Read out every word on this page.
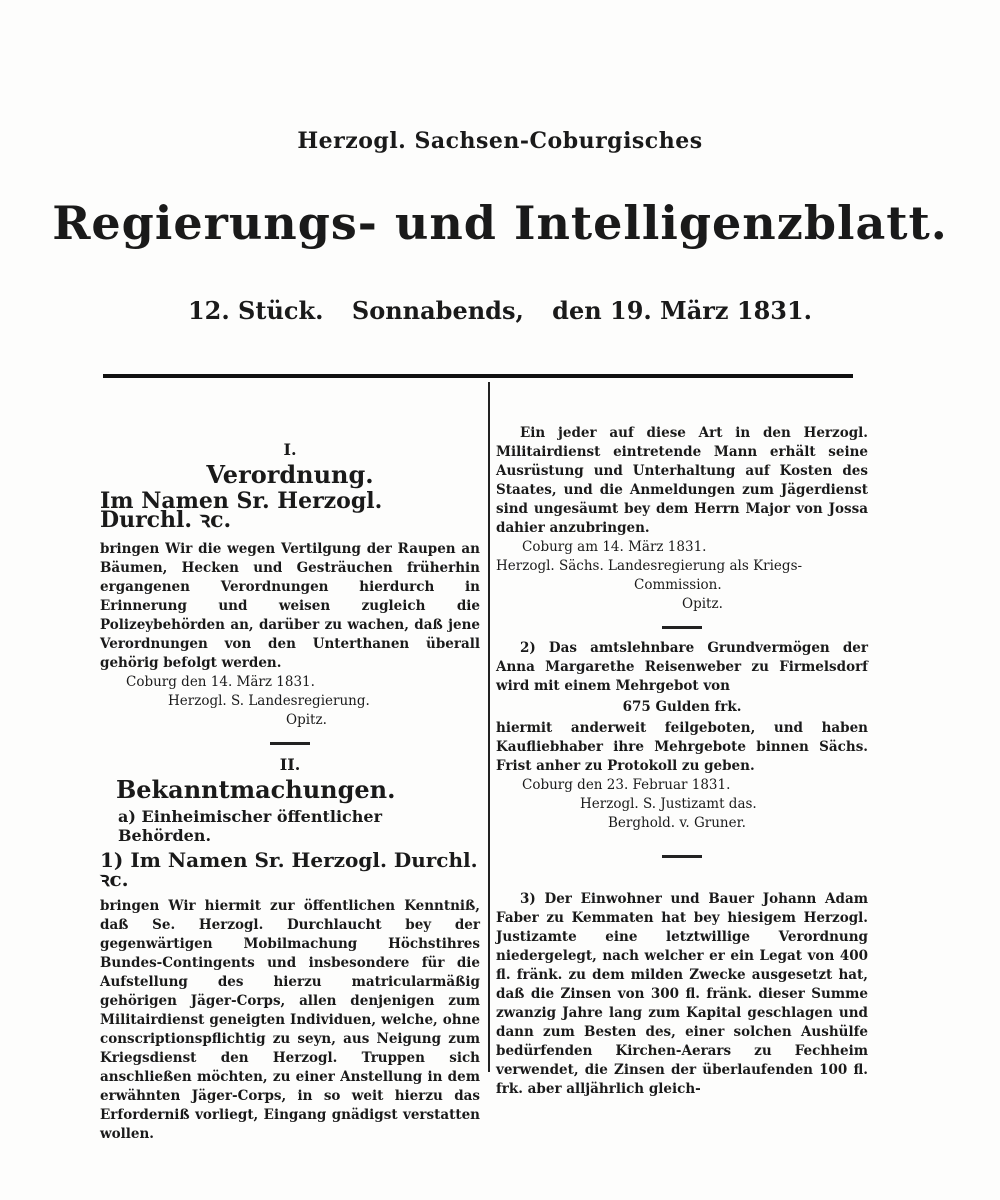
Herzogl. Sachsen-Coburgisches
Regierungs- und Intelligenzblatt.
12. Stück. Sonnabends, den 19. März 1831.
I.
Verordnung.
Im Namen Sr. Herzogl. Durchl. ꝛc.
bringen Wir die wegen Vertilgung der Raupen an Bäumen, Hecken und Gesträuchen früherhin ergangenen Verordnungen hierdurch in Erinnerung und weisen zugleich die Polizeybehörden an, darüber zu wachen, daß jene Verordnungen von den Unterthanen überall gehörig befolgt werden.
Coburg den 14. März 1831.
Herzogl. S. Landesregierung.
Opitz.
II.
Bekanntmachungen.
a) Einheimischer öffentlicher Behörden.
1) Im Namen Sr. Herzogl. Durchl. ꝛc.
bringen Wir hiermit zur öffentlichen Kenntniß, daß Se. Herzogl. Durchlaucht bey der gegenwärtigen Mobilmachung Höchstihres Bundes-Contingents und insbesondere für die Aufstellung des hierzu matricularmäßig gehörigen Jäger-Corps, allen denjenigen zum Militairdienst geneigten Individuen, welche, ohne conscriptionspflichtig zu seyn, aus Neigung zum Kriegsdienst den Herzogl. Truppen sich anschließen möchten, zu einer Anstellung in dem erwähnten Jäger-Corps, in so weit hierzu das Erforderniß vorliegt, Eingang gnädigst verstatten wollen.
Ein jeder auf diese Art in den Herzogl. Militairdienst eintretende Mann erhält seine Ausrüstung und Unterhaltung auf Kosten des Staates, und die Anmeldungen zum Jägerdienst sind ungesäumt bey dem Herrn Major von Jossa dahier anzubringen.
Coburg am 14. März 1831.
Herzogl. Sächs. Landesregierung als Kriegs-
Commission.
Opitz.
2) Das amtslehnbare Grundvermögen der Anna Margarethe Reisenweber zu Firmelsdorf wird mit einem Mehrgebot von
675 Gulden frk.
hiermit anderweit feilgeboten, und haben Kaufliebhaber ihre Mehrgebote binnen Sächs. Frist anher zu Protokoll zu geben.
Coburg den 23. Februar 1831.
Herzogl. S. Justizamt das.
Berghold. v. Gruner.
3) Der Einwohner und Bauer Johann Adam Faber zu Kemmaten hat bey hiesigem Herzogl. Justizamte eine letztwillige Verordnung niedergelegt, nach welcher er ein Legat von 400 fl. fränk. zu dem milden Zwecke ausgesetzt hat, daß die Zinsen von 300 fl. fränk. dieser Summe zwanzig Jahre lang zum Kapital geschlagen und dann zum Besten des, einer solchen Aushülfe bedürfenden Kirchen-Aerars zu Fechheim verwendet, die Zinsen der überlaufenden 100 fl. frk. aber alljährlich gleich-
